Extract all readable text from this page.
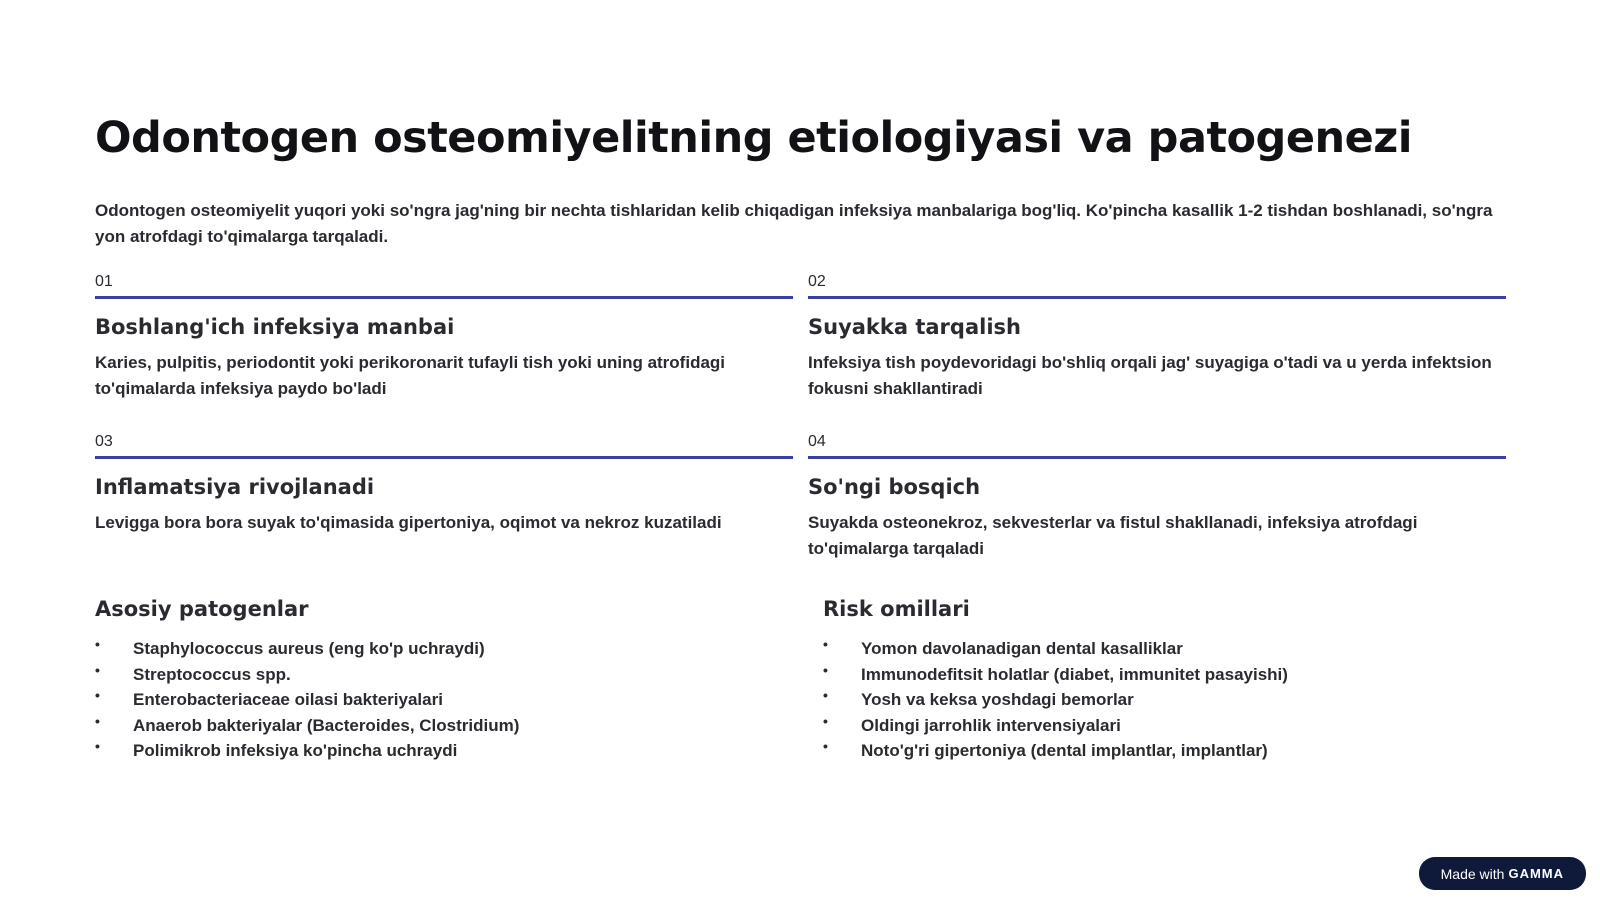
Odontogen osteomiyelitning etiologiyasi va patogenezi

Odontogen osteomiyelit yuqori yoki so'ngra jag'ning bir nechta tishlaridan kelib chiqadigan infeksiya manbalariga bog'liq. Ko'pincha kasallik 1-2 tishdan boshlanadi, so'ngra yon atrofdagi to'qimalarga tarqaladi.

01
Boshlang'ich infeksiya manbai
Karies, pulpitis, periodontit yoki perikoronarit tufayli tish yoki uning atrofidagi to'qimalarda infeksiya paydo bo'ladi
02
Suyakka tarqalish
Infeksiya tish poydevoridagi bo'shliq orqali jag' suyagiga o'tadi va u yerda infektsion fokusni shakllantiradi
03
Inflamatsiya rivojlanadi
Levigga bora bora suyak to'qimasida gipertoniya, oqimot va nekroz kuzatiladi
04
So'ngi bosqich
Suyakda osteonekroz, sekvesterlar va fistul shakllanadi, infeksiya atrofdagi to'qimalarga tarqaladi
Asosiy patogenlar
• Staphylococcus aureus (eng ko'p uchraydi)
• Streptococcus spp.
• Enterobacteriaceae oilasi bakteriyalari
• Anaerob bakteriyalar (Bacteroides, Clostridium)
• Polimikrob infeksiya ko'pincha uchraydi
Risk omillari
• Yomon davolanadigan dental kasalliklar
• Immunodefitsit holatlar (diabet, immunitet pasayishi)
• Yosh va keksa yoshdagi bemorlar
• Oldingi jarrohlik intervensiyalari
• Noto'g'ri gipertoniya (dental implantlar, implantlar)
Made with GAMMA
